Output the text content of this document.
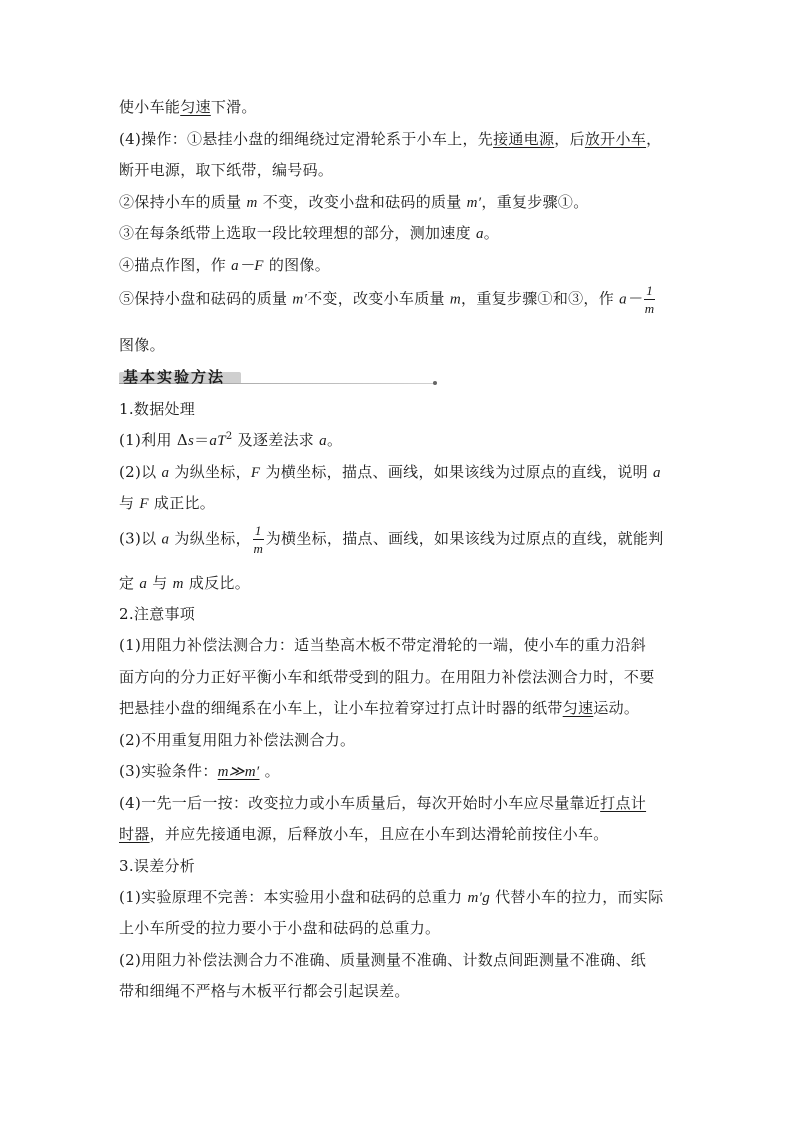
使小车能匀速下滑。
(4)操作：①悬挂小盘的细绳绕过定滑轮系于小车上，先接通电源，后放开小车，
断开电源，取下纸带，编号码。
②保持小车的质量 m 不变，改变小盘和砝码的质量 m′，重复步骤①。
③在每条纸带上选取一段比较理想的部分，测加速度 a。
④描点作图，作 a－F 的图像。
⑤保持小盘和砝码的质量 m′不变，改变小车质量 m，重复步骤①和③，作 $a- \frac{1}{m}$
图像。
基本实验方法
1.数据处理
(1)利用 $\Delta s=aT^2$ 及逐差法求 a。
(2)以 a 为纵坐标，F 为横坐标，描点、画线，如果该线为过原点的直线，说明 a
与 F 成正比。
(3)以 a 为纵坐标， $\frac{1}{m}$ 为横坐标，描点、画线，如果该线为过原点的直线，就能判
定 a 与 m 成反比。
2.注意事项
(1)用阻力补偿法测合力：适当垫高木板不带定滑轮的一端，使小车的重力沿斜
面方向的分力正好平衡小车和纸带受到的阻力。在用阻力补偿法测合力时，不要
把悬挂小盘的细绳系在小车上，让小车拉着穿过打点计时器的纸带匀速运动。
(2)不用重复用阻力补偿法测合力。
(3)实验条件：m≫m′ 。
(4)一先一后一按：改变拉力或小车质量后，每次开始时小车应尽量靠近打点计
时器，并应先接通电源，后释放小车，且应在小车到达滑轮前按住小车。
3.误差分析
(1)实验原理不完善：本实验用小盘和砝码的总重力 m′g 代替小车的拉力，而实际
上小车所受的拉力要小于小盘和砝码的总重力。
(2)用阻力补偿法测合力不准确、质量测量不准确、计数点间距测量不准确、纸
带和细绳不严格与木板平行都会引起误差。
